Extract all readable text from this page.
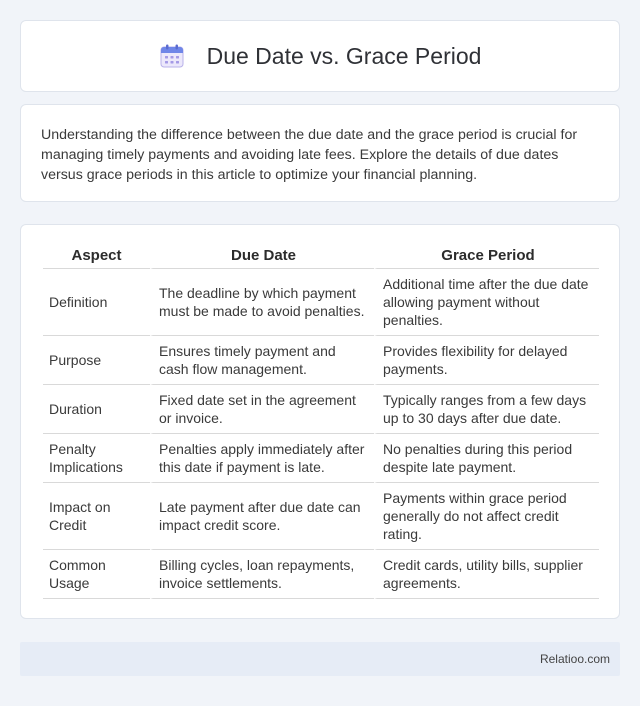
Due Date vs. Grace Period

Understanding the difference between the due date and the grace period is crucial for managing timely payments and avoiding late fees. Explore the details of due dates versus grace periods in this article to optimize your financial planning.

Aspect	Due Date	Grace Period
Definition	The deadline by which payment must be made to avoid penalties.	Additional time after the due date allowing payment without penalties.
Purpose	Ensures timely payment and cash flow management.	Provides flexibility for delayed payments.
Duration	Fixed date set in the agreement or invoice.	Typically ranges from a few days up to 30 days after due date.
Penalty Implications	Penalties apply immediately after this date if payment is late.	No penalties during this period despite late payment.
Impact on Credit	Late payment after due date can impact credit score.	Payments within grace period generally do not affect credit rating.
Common Usage	Billing cycles, loan repayments, invoice settlements.	Credit cards, utility bills, supplier agreements.
Relatioo.com
